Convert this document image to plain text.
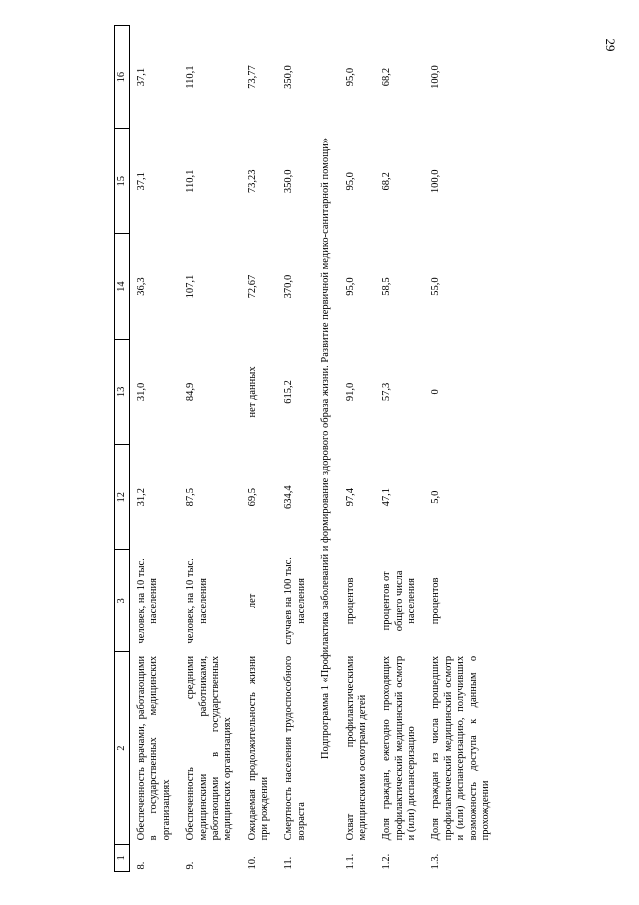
29
1	2	3	12	13	14	15	16
8.	Обеспеченность врачами, работающими в государственных медицинских организациях	человек, на 10 тыс. населения	31,2	31,0	36,3	37,1	37,1
9.	Обеспеченность средними медицинскими работниками, работающими в государственных медицинских организациях	человек, на 10 тыс. населения	87,5	84,9	107,1	110,1	110,1
10.	Ожидаемая продолжительность жизни при рождении	лет	69,5	нет данных	72,67	73,23	73,77
11.	Смертность населения трудоспособного возраста	случаев на 100 тыс. населения	634,4	615,2	370,0	350,0	350,0
Подпрограмма 1 «Профилактика заболеваний и формирование здорового образа жизни. Развитие первичной медико-санитарной помощи»							
1.1.	Охват профилактическими медицинскими осмотрами детей	процентов	97,4	91,0	95,0	95,0	95,0
1.2.	Доля граждан, ежегодно проходящих профилактический медицинский осмотр и (или) диспансеризацию	процентов от общего числа населения	47,1	57,3	58,5	68,2	68,2
1.3.	Доля граждан из числа прошедших профилактический медицинский осмотр и (или) диспансеризацию, получивших возможность доступа к данным о прохождении	процентов	5,0	0	55,0	100,0	100,0
